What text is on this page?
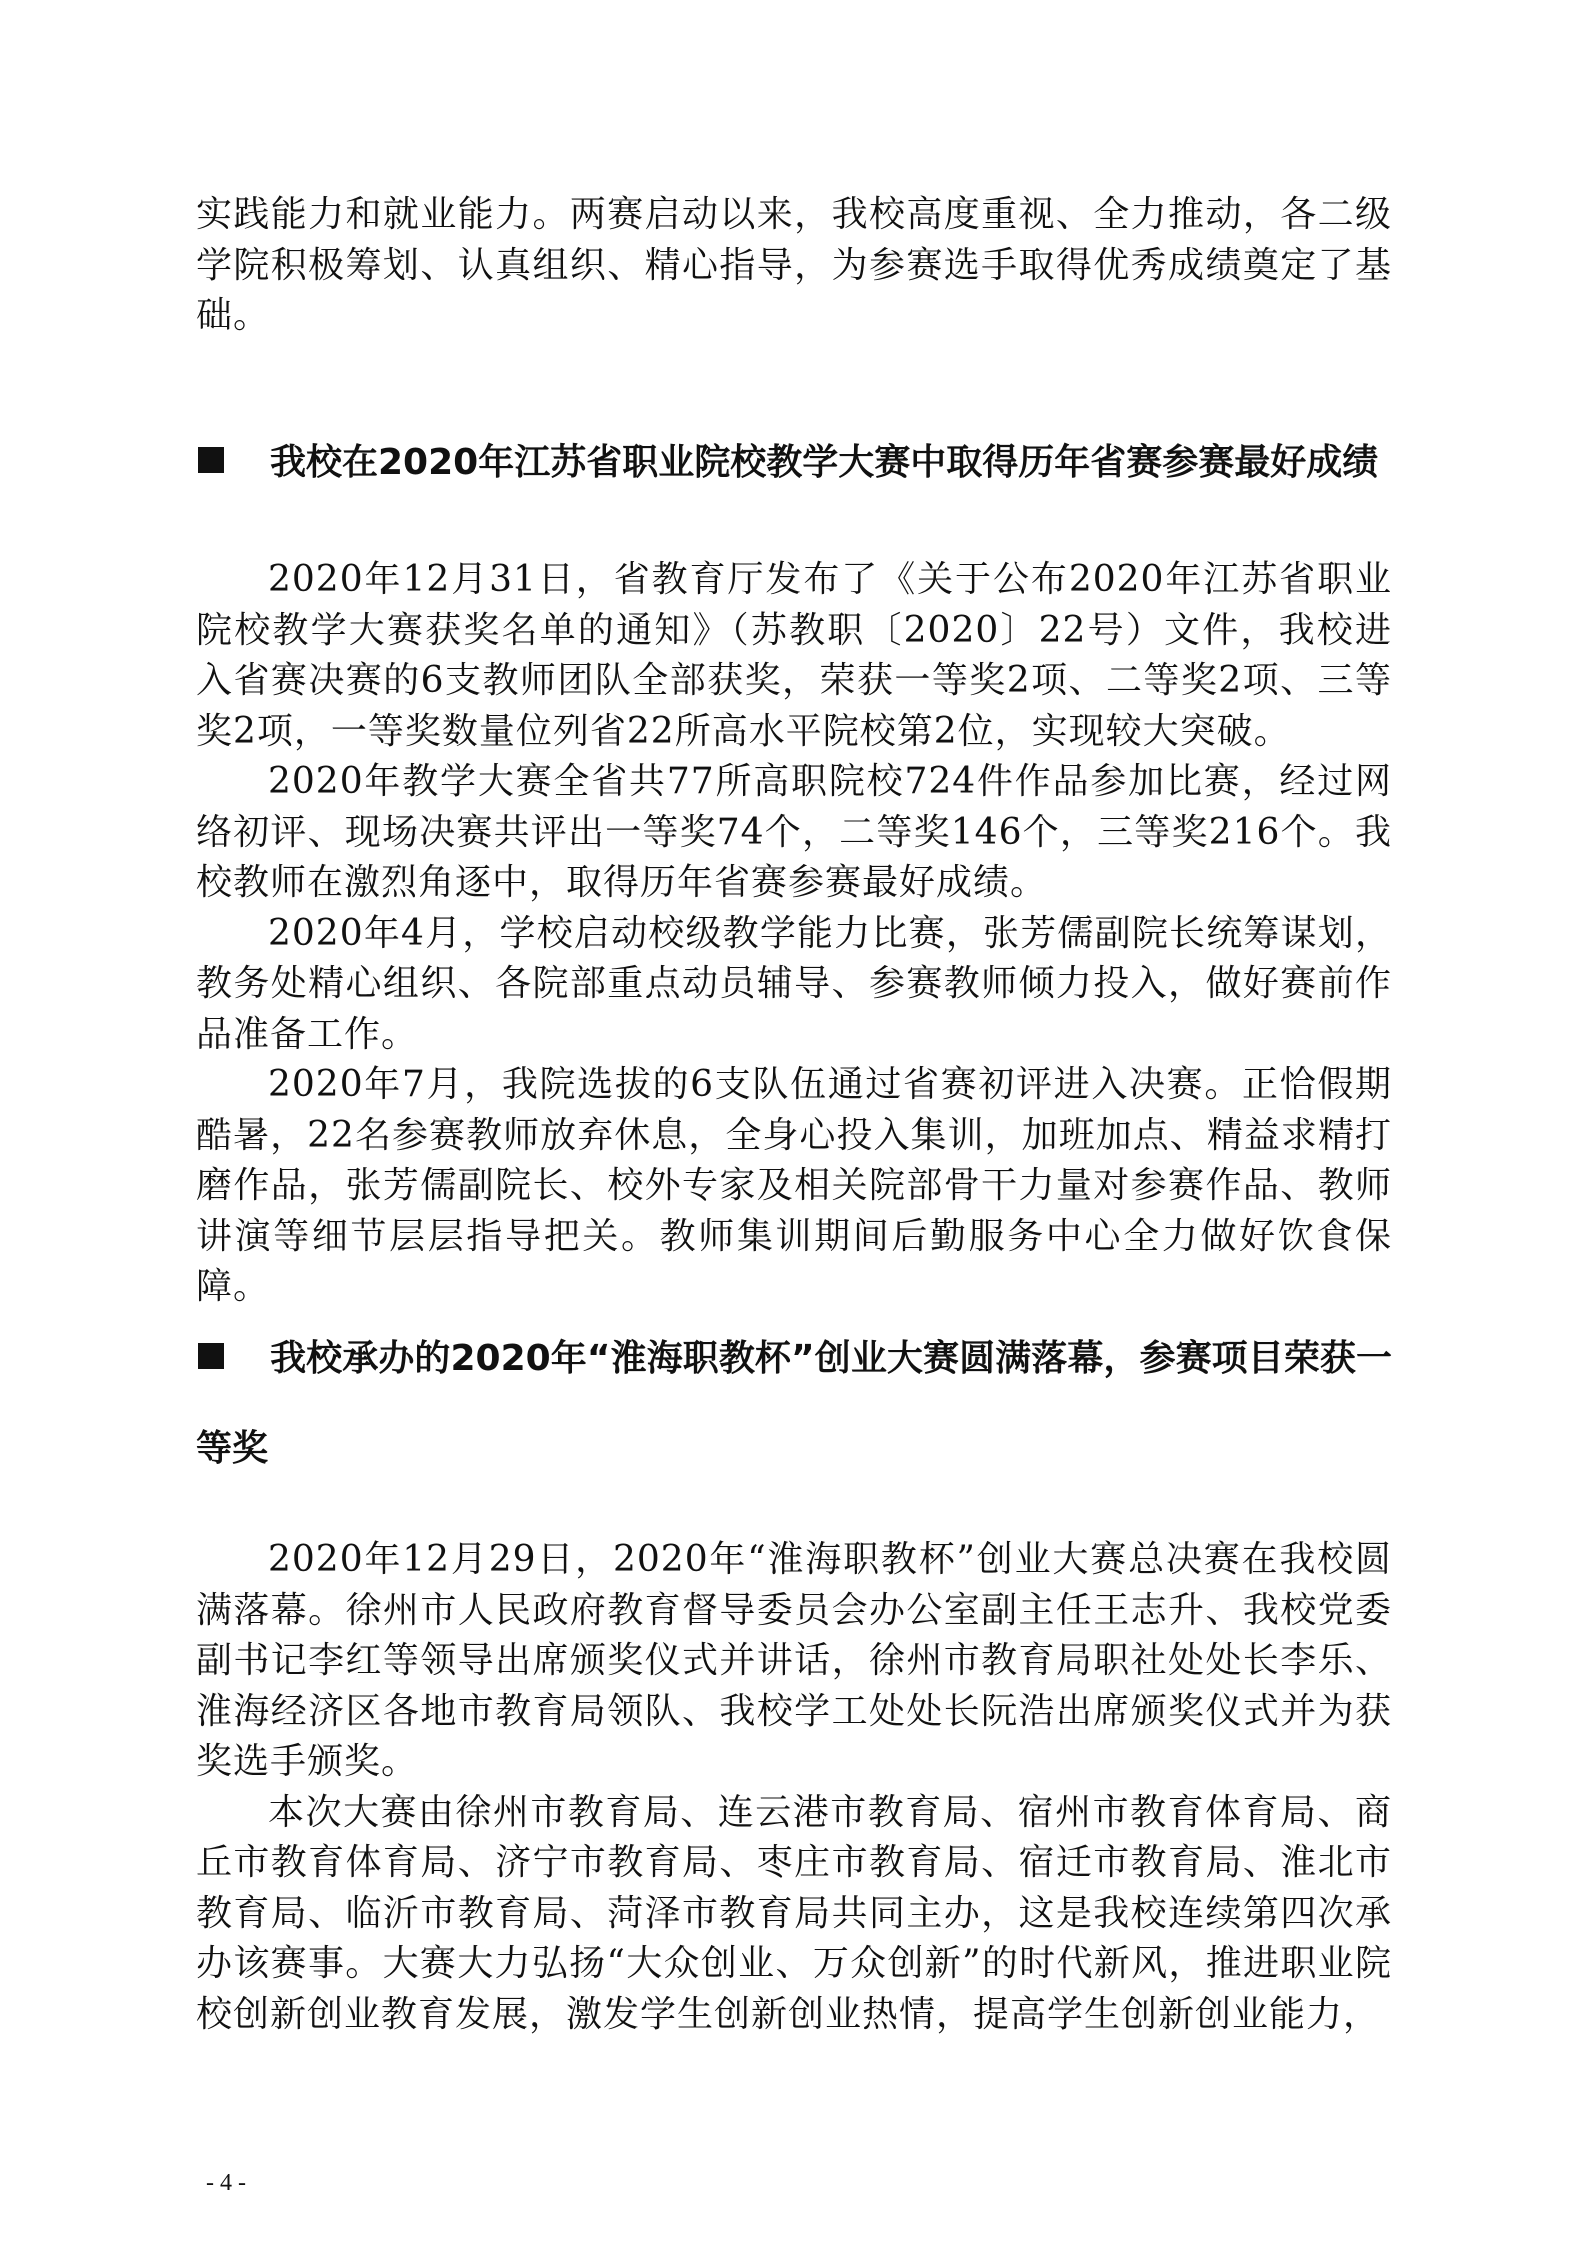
实践能力和就业能力。两赛启动以来，我校高度重视、全力推动，各二级学院积极筹划、认真组织、精心指导，为参赛选手取得优秀成绩奠定了基础。

我校在2020年江苏省职业院校教学大赛中取得历年省赛参赛最好成绩

2020年12月31日，省教育厅发布了《关于公布2020年江苏省职业院校教学大赛获奖名单的通知》（苏教职〔2020〕22号）文件，我校进入省赛决赛的6支教师团队全部获奖，荣获一等奖2项、二等奖2项、三等奖2项，一等奖数量位列省22所高水平院校第2位，实现较大突破。

2020年教学大赛全省共77所高职院校724件作品参加比赛，经过网络初评、现场决赛共评出一等奖74个，二等奖146个，三等奖216个。我校教师在激烈角逐中，取得历年省赛参赛最好成绩。

2020年4月，学校启动校级教学能力比赛，张芳儒副院长统筹谋划，教务处精心组织、各院部重点动员辅导、参赛教师倾力投入，做好赛前作品准备工作。

2020年7月，我院选拔的6支队伍通过省赛初评进入决赛。正恰假期酷暑，22名参赛教师放弃休息，全身心投入集训，加班加点、精益求精打磨作品，张芳儒副院长、校外专家及相关院部骨干力量对参赛作品、教师讲演等细节层层指导把关。教师集训期间后勤服务中心全力做好饮食保障。

我校承办的2020年“淮海职教杯”创业大赛圆满落幕，参赛项目荣获一等奖

2020年12月29日，2020年“淮海职教杯”创业大赛总决赛在我校圆满落幕。徐州市人民政府教育督导委员会办公室副主任王志升、我校党委副书记李红等领导出席颁奖仪式并讲话，徐州市教育局职社处处长李乐、淮海经济区各地市教育局领队、我校学工处处长阮浩出席颁奖仪式并为获奖选手颁奖。

本次大赛由徐州市教育局、连云港市教育局、宿州市教育体育局、商丘市教育体育局、济宁市教育局、枣庄市教育局、宿迁市教育局、淮北市教育局、临沂市教育局、菏泽市教育局共同主办，这是我校连续第四次承办该赛事。大赛大力弘扬“大众创业、万众创新”的时代新风，推进职业院校创新创业教育发展，激发学生创新创业热情，提高学生创新创业能力，

- 4 -
